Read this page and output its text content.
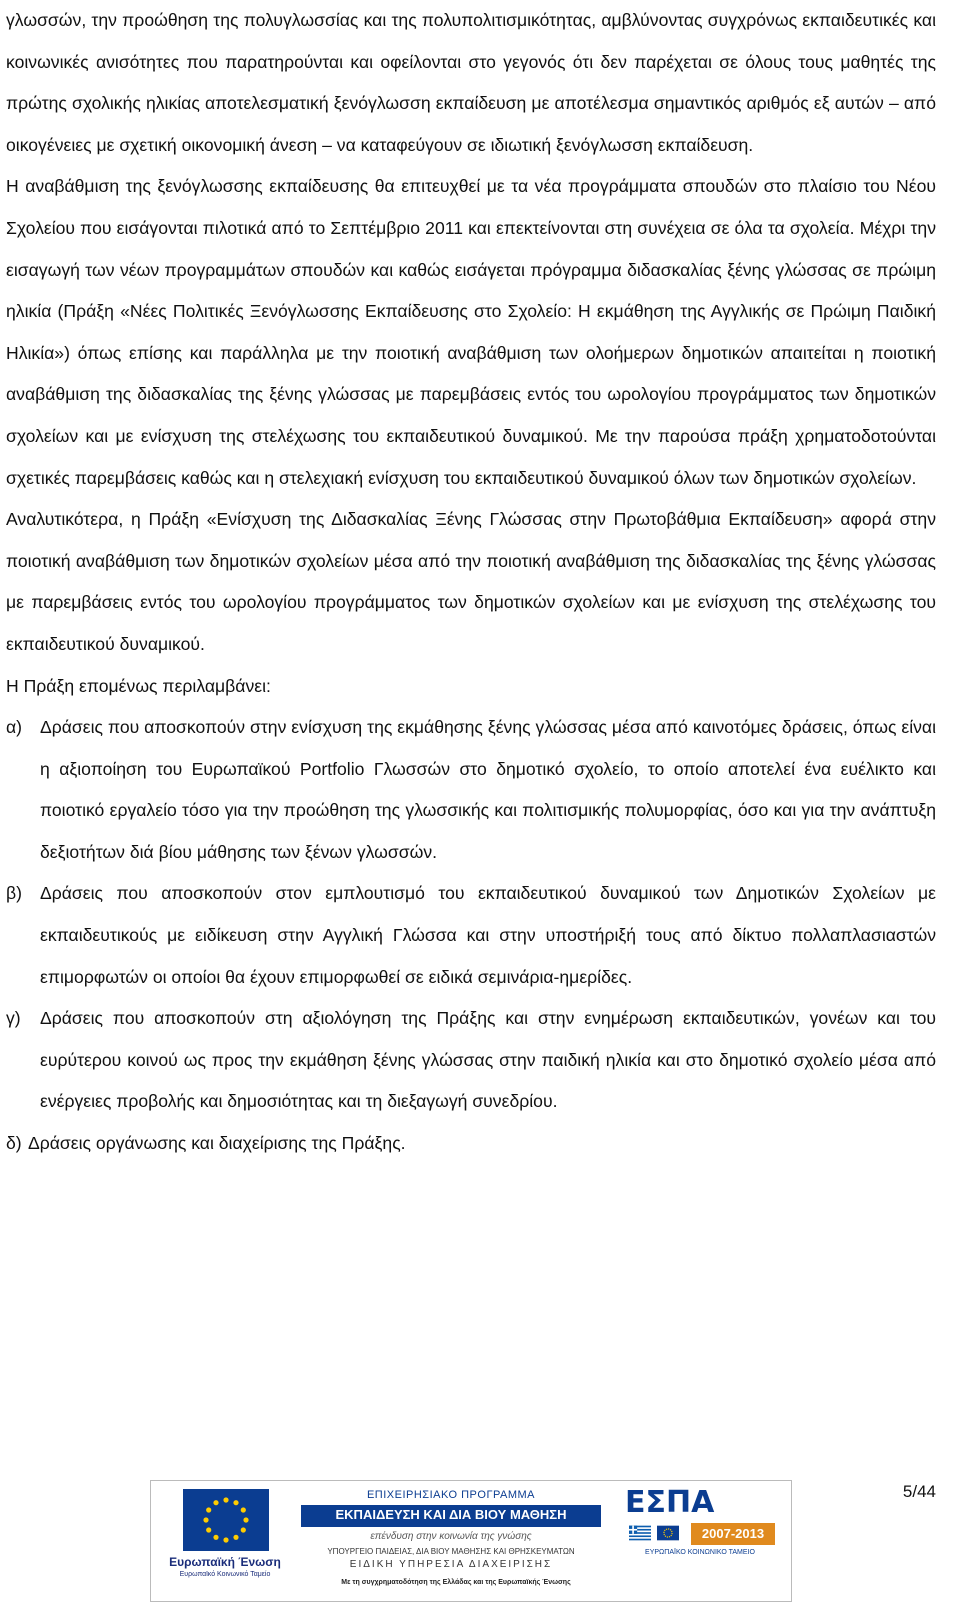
γλωσσών, την προώθηση της πολυγλωσσίας και της πολυπολιτισμικότητας, αμβλύνοντας συγχρόνως εκπαιδευτικές και κοινωνικές ανισότητες που παρατηρούνται και οφείλονται στο γεγονός ότι δεν παρέχεται σε όλους τους μαθητές της πρώτης σχολικής ηλικίας αποτελεσματική ξενόγλωσση εκπαίδευση με αποτέλεσμα σημαντικός αριθμός εξ αυτών – από οικογένειες με σχετική οικονομική άνεση – να καταφεύγουν σε ιδιωτική ξενόγλωσση εκπαίδευση.

Η αναβάθμιση της ξενόγλωσσης εκπαίδευσης θα επιτευχθεί με τα νέα προγράμματα σπουδών στο πλαίσιο του Νέου Σχολείου που εισάγονται πιλοτικά από το Σεπτέμβριο 2011 και επεκτείνονται στη συνέχεια σε όλα τα σχολεία. Μέχρι την εισαγωγή των νέων προγραμμάτων σπουδών και καθώς εισάγεται πρόγραμμα διδασκαλίας ξένης γλώσσας σε πρώιμη ηλικία (Πράξη «Νέες Πολιτικές Ξενόγλωσσης Εκπαίδευσης στο Σχολείο: Η εκμάθηση της Αγγλικής σε Πρώιμη Παιδική Ηλικία») όπως επίσης και παράλληλα με την ποιοτική αναβάθμιση των ολοήμερων δημοτικών απαιτείται η ποιοτική αναβάθμιση της διδασκαλίας της ξένης γλώσσας με παρεμβάσεις εντός του ωρολογίου προγράμματος των δημοτικών σχολείων και με ενίσχυση της στελέχωσης του εκπαιδευτικού δυναμικού. Με την παρούσα πράξη χρηματοδοτούνται σχετικές παρεμβάσεις καθώς και η στελεχιακή ενίσχυση του εκπαιδευτικού δυναμικού όλων των δημοτικών σχολείων.

Αναλυτικότερα, η Πράξη «Ενίσχυση της Διδασκαλίας Ξένης Γλώσσας στην Πρωτοβάθμια Εκπαίδευση» αφορά στην ποιοτική αναβάθμιση των δημοτικών σχολείων μέσα από την ποιοτική αναβάθμιση της διδασκαλίας της ξένης γλώσσας με παρεμβάσεις εντός του ωρολογίου προγράμματος των δημοτικών σχολείων και με ενίσχυση της στελέχωσης του εκπαιδευτικού δυναμικού.

Η Πράξη επομένως περιλαμβάνει:

α)	Δράσεις που αποσκοπούν στην ενίσχυση της εκμάθησης ξένης γλώσσας μέσα από καινοτόμες δράσεις, όπως είναι η αξιοποίηση του Ευρωπαϊκού Portfolio Γλωσσών στο δημοτικό σχολείο, το οποίο αποτελεί ένα ευέλικτο και ποιοτικό εργαλείο τόσο για την προώθηση της γλωσσικής και πολιτισμικής πολυμορφίας, όσο και για την ανάπτυξη δεξιοτήτων διά βίου μάθησης των ξένων γλωσσών.
β)	Δράσεις που αποσκοπούν στον εμπλουτισμό του εκπαιδευτικού δυναμικού των Δημοτικών Σχολείων με εκπαιδευτικούς με ειδίκευση στην Αγγλική Γλώσσα και στην υποστήριξή τους από δίκτυο πολλαπλασιαστών επιμορφωτών οι οποίοι θα έχουν επιμορφωθεί σε ειδικά σεμινάρια-ημερίδες.
γ)	Δράσεις που αποσκοπούν στη αξιολόγηση της Πράξης και στην ενημέρωση εκπαιδευτικών, γονέων και του ευρύτερου κοινού ως προς την εκμάθηση ξένης γλώσσας στην παιδική ηλικία και στο δημοτικό σχολείο μέσα από ενέργειες προβολής και δημοσιότητας και τη διεξαγωγή συνεδρίου.
δ) Δράσεις οργάνωσης και διαχείρισης της Πράξης.
5/44
Ευρωπαϊκή Ένωση
Ευρωπαϊκό Κοινωνικό Ταμείο
ΕΠΙΧΕΙΡΗΣΙΑΚΟ ΠΡΟΓΡΑΜΜΑ
ΕΚΠΑΙΔΕΥΣΗ ΚΑΙ ΔΙΑ ΒΙΟΥ ΜΑΘΗΣΗ
επένδυση στην κοινωνία της γνώσης
ΥΠΟΥΡΓΕΙΟ ΠΑΙΔΕΙΑΣ, ΔΙΑ ΒΙΟΥ ΜΑΘΗΣΗΣ ΚΑΙ ΘΡΗΣΚΕΥΜΑΤΩΝ
ΕΙΔΙΚΗ ΥΠΗΡΕΣΙΑ ΔΙΑΧΕΙΡΙΣΗΣ
Με τη συγχρηματοδότηση της Ελλάδας και της Ευρωπαϊκής Ένωσης
ΕΣΠΑ
2007-2013
ΕΥΡΩΠΑΪΚΟ ΚΟΙΝΩΝΙΚΟ ΤΑΜΕΙΟ
